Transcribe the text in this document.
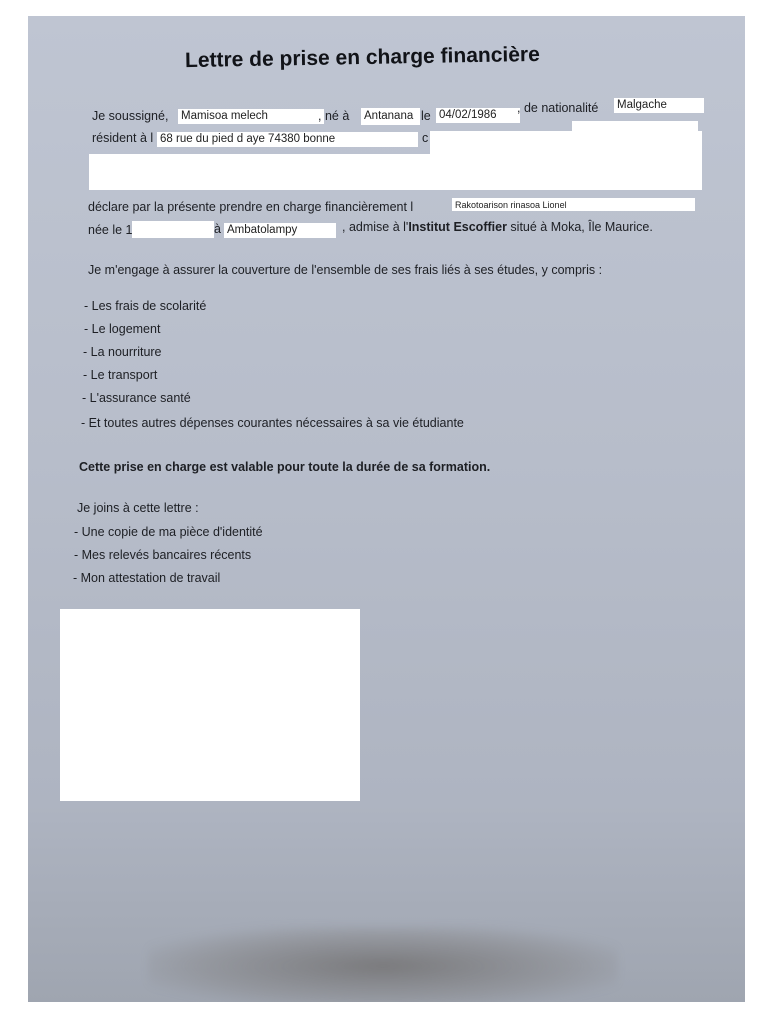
Lettre de prise en charge financière
Je soussigné, Mamisoa melech	, né à Antanana le 04/02/1986	, de nationalité Malgache
résident à l 68 rue du pied d aye 74380 bonne	c
déclare par la présente prendre en charge financièrement l	Rakotoarison rinasoa Lionel
née le 1	à Ambatolampy	, admise à l'Institut Escoffier situé à Moka, Île Maurice.
Je m'engage à assurer la couverture de l'ensemble de ses frais liés à ses études, y compris :
- Les frais de scolarité
- Le logement
- La nourriture
- Le transport
- L'assurance santé
- Et toutes autres dépenses courantes nécessaires à sa vie étudiante
Cette prise en charge est valable pour toute la durée de sa formation.
Je joins à cette lettre :
- Une copie de ma pièce d'identité
- Mes relevés bancaires récents
- Mon attestation de travail
